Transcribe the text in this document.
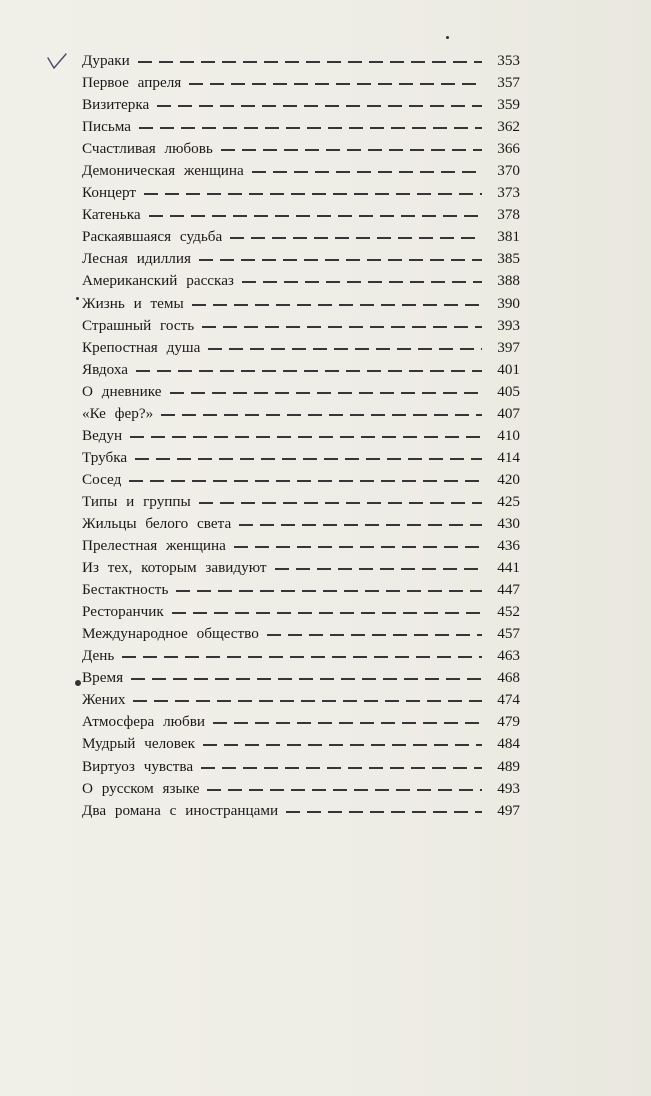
Дураки	353
Первое апреля	357
Визитерка	359
Письма	362
Счастливая любовь	366
Демоническая женщина	370
Концерт	373
Катенька	378
Раскаявшаяся судьба	381
Лесная идиллия	385
Американский рассказ	388
Жизнь и темы	390
Страшный гость	393
Крепостная душа	397
Явдоха	401
О дневнике	405
«Ке фер?»	407
Ведун	410
Трубка	414
Сосед	420
Типы и группы	425
Жильцы белого света	430
Прелестная женщина	436
Из тех, которым завидуют	441
Бестактность	447
Ресторанчик	452
Международное общество	457
День	463
Время	468
Жених	474
Атмосфера любви	479
Мудрый человек	484
Виртуоз чувства	489
О русском языке	493
Два романа с иностранцами	497
